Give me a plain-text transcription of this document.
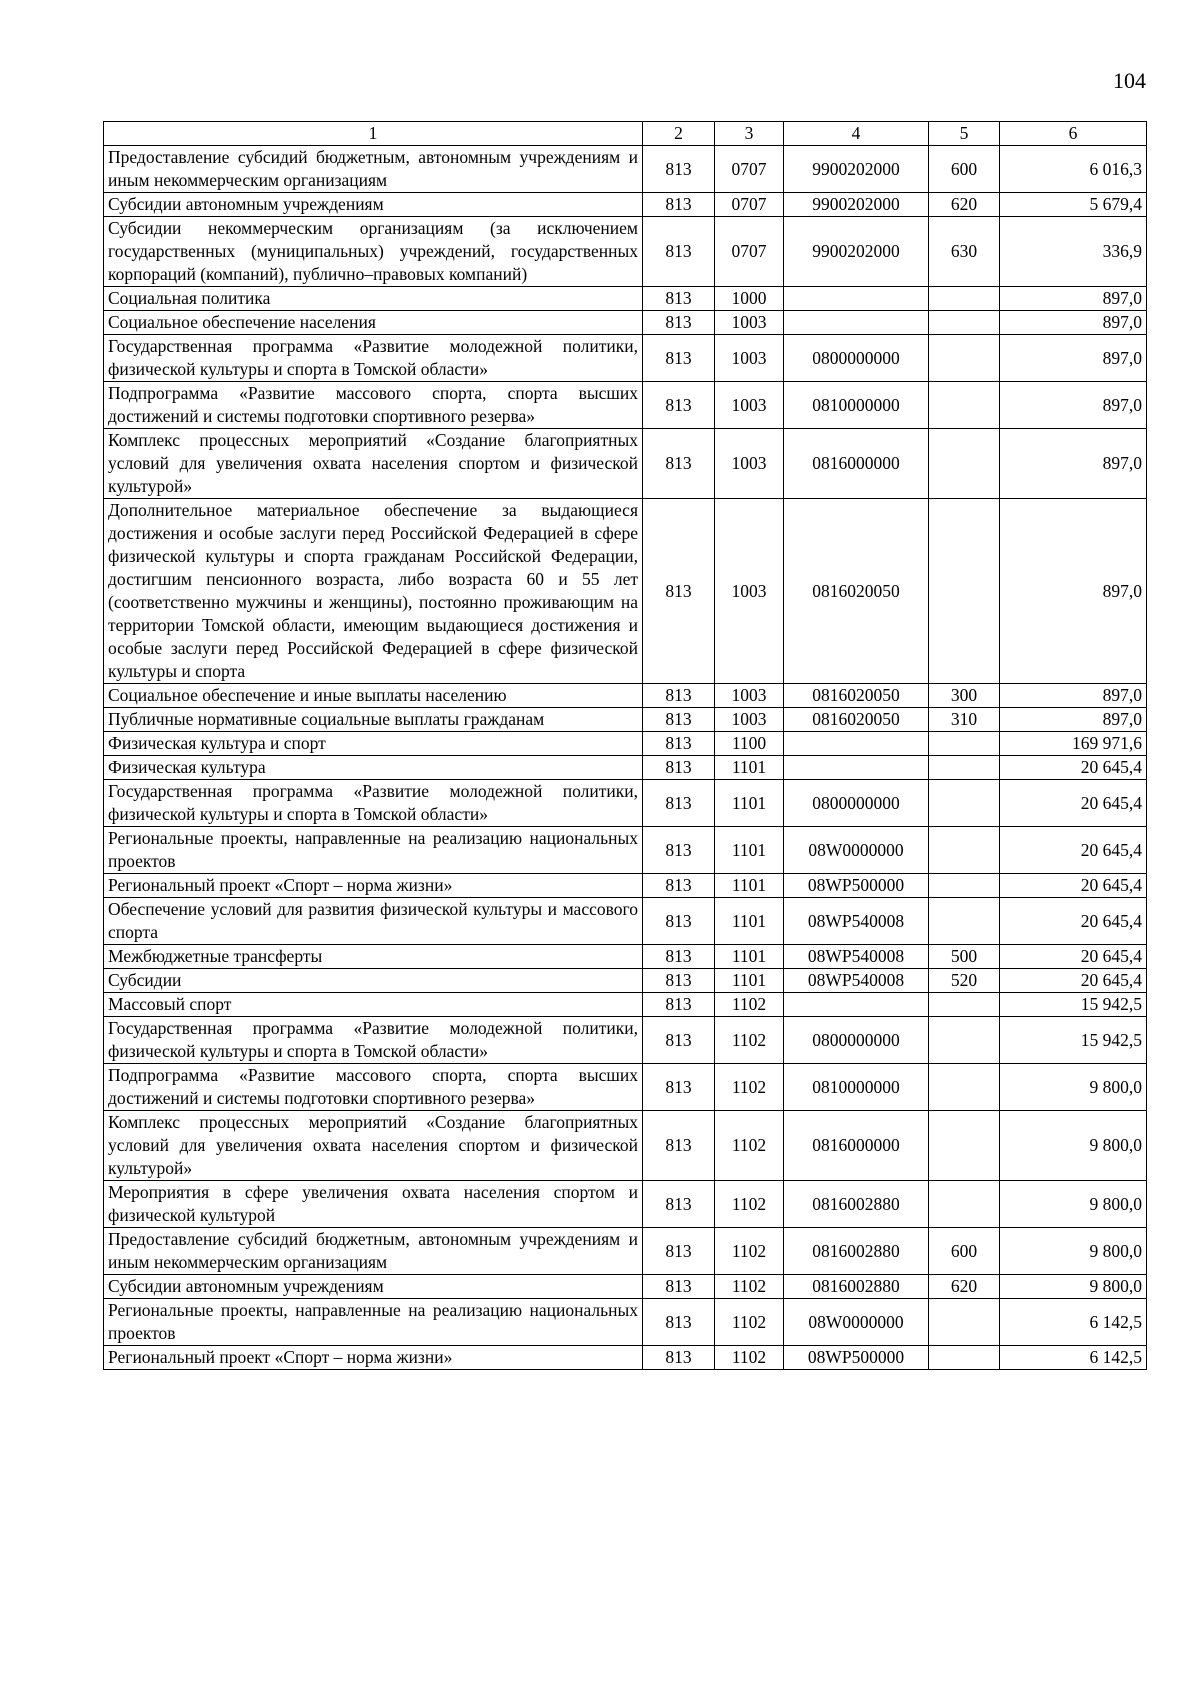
104
1	2	3	4	5	6
Предоставление субсидий бюджетным, автономным учреждениям и иным некоммерческим организациям	813	0707	9900202000	600	6 016,3
Субсидии автономным учреждениям	813	0707	9900202000	620	5 679,4
Субсидии некоммерческим организациям (за исключением государственных (муниципальных) учреждений, государственных корпораций (компаний), публично–правовых компаний)	813	0707	9900202000	630	336,9
Социальная политика	813	1000			897,0
Социальное обеспечение населения	813	1003			897,0
Государственная программа «Развитие молодежной политики, физической культуры и спорта в Томской области»	813	1003	0800000000		897,0
Подпрограмма «Развитие массового спорта, спорта высших достижений и системы подготовки спортивного резерва»	813	1003	0810000000		897,0
Комплекс процессных мероприятий «Создание благоприятных условий для увеличения охвата населения спортом и физической культурой»	813	1003	0816000000		897,0
Дополнительное материальное обеспечение за выдающиеся достижения и особые заслуги перед Российской Федерацией в сфере физической культуры и спорта гражданам Российской Федерации, достигшим пенсионного возраста, либо возраста 60 и 55 лет (соответственно мужчины и женщины), постоянно проживающим на территории Томской области, имеющим выдающиеся достижения и особые заслуги перед Российской Федерацией в сфере физической культуры и спорта	813	1003	0816020050		897,0
Социальное обеспечение и иные выплаты населению	813	1003	0816020050	300	897,0
Публичные нормативные социальные выплаты гражданам	813	1003	0816020050	310	897,0
Физическая культура и спорт	813	1100			169 971,6
Физическая культура	813	1101			20 645,4
Государственная программа «Развитие молодежной политики, физической культуры и спорта в Томской области»	813	1101	0800000000		20 645,4
Региональные проекты, направленные на реализацию национальных проектов	813	1101	08W0000000		20 645,4
Региональный проект «Спорт – норма жизни»	813	1101	08WP500000		20 645,4
Обеспечение условий для развития физической культуры и массового спорта	813	1101	08WP540008		20 645,4
Межбюджетные трансферты	813	1101	08WP540008	500	20 645,4
Субсидии	813	1101	08WP540008	520	20 645,4
Массовый спорт	813	1102			15 942,5
Государственная программа «Развитие молодежной политики, физической культуры и спорта в Томской области»	813	1102	0800000000		15 942,5
Подпрограмма «Развитие массового спорта, спорта высших достижений и системы подготовки спортивного резерва»	813	1102	0810000000		9 800,0
Комплекс процессных мероприятий «Создание благоприятных условий для увеличения охвата населения спортом и физической культурой»	813	1102	0816000000		9 800,0
Мероприятия в сфере увеличения охвата населения спортом и физической культурой	813	1102	0816002880		9 800,0
Предоставление субсидий бюджетным, автономным учреждениям и иным некоммерческим организациям	813	1102	0816002880	600	9 800,0
Субсидии автономным учреждениям	813	1102	0816002880	620	9 800,0
Региональные проекты, направленные на реализацию национальных проектов	813	1102	08W0000000		6 142,5
Региональный проект «Спорт – норма жизни»	813	1102	08WP500000		6 142,5
